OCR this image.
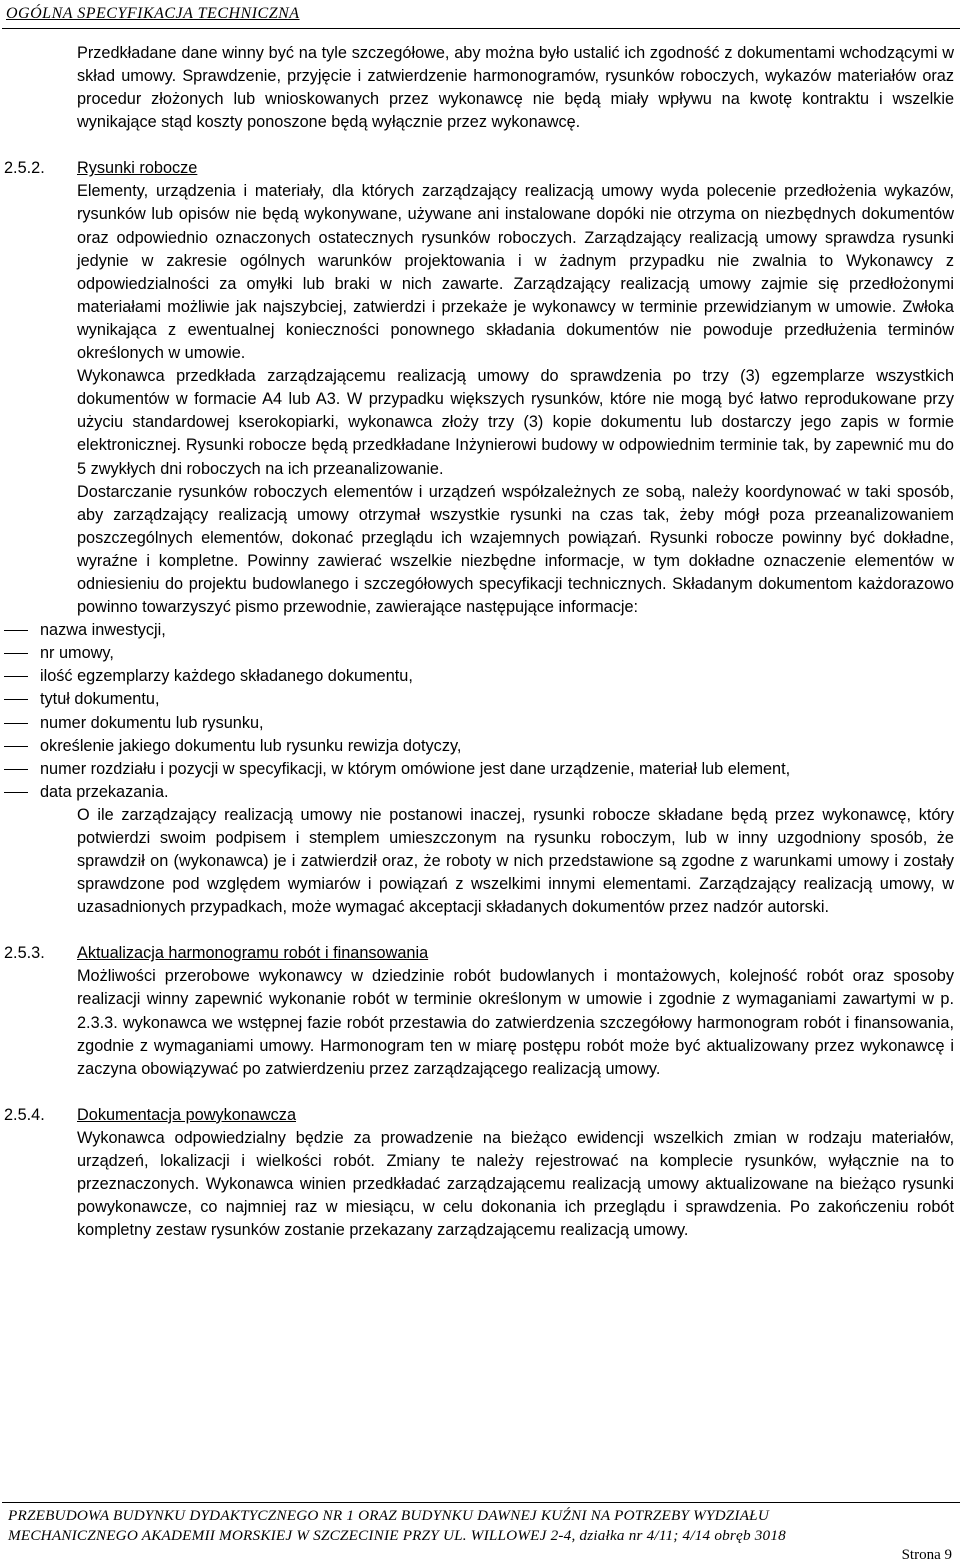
OGÓLNA SPECYFIKACJA TECHNICZNA
Przedkładane dane winny być na tyle szczegółowe, aby można było ustalić ich zgodność z dokumentami wchodzącymi w skład umowy. Sprawdzenie, przyjęcie i zatwierdzenie harmonogramów, rysunków roboczych, wykazów materiałów oraz procedur złożonych lub wnioskowanych przez wykonawcę nie będą miały wpływu na kwotę kontraktu i wszelkie wynikające stąd koszty ponoszone będą wyłącznie przez wykonawcę.
2.5.2. Rysunki robocze
Elementy, urządzenia i materiały, dla których zarządzający realizacją umowy wyda polecenie przedłożenia wykazów, rysunków lub opisów nie będą wykonywane, używane ani instalowane dopóki nie otrzyma on niezbędnych dokumentów oraz odpowiednio oznaczonych ostatecznych rysunków roboczych. Zarządzający realizacją umowy sprawdza rysunki jedynie w zakresie ogólnych warunków projektowania i w żadnym przypadku nie zwalnia to Wykonawcy z odpowiedzialności za omyłki lub braki w nich zawarte. Zarządzający realizacją umowy zajmie się przedłożonymi materiałami możliwie jak najszybciej, zatwierdzi i przekaże je wykonawcy w terminie przewidzianym w umowie. Zwłoka wynikająca z ewentualnej konieczności ponownego składania dokumentów nie powoduje przedłużenia terminów określonych w umowie.
Wykonawca przedkłada zarządzającemu realizacją umowy do sprawdzenia po trzy (3) egzemplarze wszystkich dokumentów w formacie A4 lub A3. W przypadku większych rysunków, które nie mogą być łatwo reprodukowane przy użyciu standardowej kserokopiarki, wykonawca złoży trzy (3) kopie dokumentu lub dostarczy jego zapis w formie elektronicznej. Rysunki robocze będą przedkładane Inżynierowi budowy w odpowiednim terminie tak, by zapewnić mu do 5 zwykłych dni roboczych na ich przeanalizowanie.
Dostarczanie rysunków roboczych elementów i urządzeń współzależnych ze sobą, należy koordynować w taki sposób, aby zarządzający realizacją umowy otrzymał wszystkie rysunki na czas tak, żeby mógł poza przeanalizowaniem poszczególnych elementów, dokonać przeglądu ich wzajemnych powiązań. Rysunki robocze powinny być dokładne, wyraźne i kompletne. Powinny zawierać wszelkie niezbędne informacje, w tym dokładne oznaczenie elementów w odniesieniu do projektu budowlanego i szczegółowych specyfikacji technicznych. Składanym dokumentom każdorazowo powinno towarzyszyć pismo przewodnie, zawierające następujące informacje:
nazwa inwestycji,
nr umowy,
ilość egzemplarzy każdego składanego dokumentu,
tytuł dokumentu,
numer dokumentu lub rysunku,
określenie jakiego dokumentu lub rysunku rewizja dotyczy,
numer rozdziału i pozycji w specyfikacji, w którym omówione jest dane urządzenie, materiał lub element,
data przekazania.
O ile zarządzający realizacją umowy nie postanowi inaczej, rysunki robocze składane będą przez wykonawcę, który potwierdzi swoim podpisem i stemplem umieszczonym na rysunku roboczym, lub w inny uzgodniony sposób, że sprawdził on (wykonawca) je i zatwierdził oraz, że roboty w nich przedstawione są zgodne z warunkami umowy i zostały sprawdzone pod względem wymiarów i powiązań z wszelkimi innymi elementami. Zarządzający realizacją umowy, w uzasadnionych przypadkach, może wymagać akceptacji składanych dokumentów przez nadzór autorski.
2.5.3. Aktualizacja harmonogramu robót i finansowania
Możliwości przerobowe wykonawcy w dziedzinie robót budowlanych i montażowych, kolejność robót oraz sposoby realizacji winny zapewnić wykonanie robót w terminie określonym w umowie i zgodnie z wymaganiami zawartymi w p. 2.3.3. wykonawca we wstępnej fazie robót przestawia do zatwierdzenia szczegółowy harmonogram robót i finansowania, zgodnie z wymaganiami umowy. Harmonogram ten w miarę postępu robót może być aktualizowany przez wykonawcę i zaczyna obowiązywać po zatwierdzeniu przez zarządzającego realizacją umowy.
2.5.4. Dokumentacja powykonawcza
Wykonawca odpowiedzialny będzie za prowadzenie na bieżąco ewidencji wszelkich zmian w rodzaju materiałów, urządzeń, lokalizacji i wielkości robót. Zmiany te należy rejestrować na komplecie rysunków, wyłącznie na to przeznaczonych. Wykonawca winien przedkładać zarządzającemu realizacją umowy aktualizowane na bieżąco rysunki powykonawcze, co najmniej raz w miesiącu, w celu dokonania ich przeglądu i sprawdzenia. Po zakończeniu robót kompletny zestaw rysunków zostanie przekazany zarządzającemu realizacją umowy.
PRZEBUDOWA BUDYNKU DYDAKTYCZNEGO NR 1 ORAZ BUDYNKU DAWNEJ KUŹNI NA POTRZEBY WYDZIAŁU
MECHANICZNEGO AKADEMII MORSKIEJ W SZCZECINIE PRZY UL. WILLOWEJ 2-4, działka nr 4/11; 4/14 obręb 3018
Strona 9
